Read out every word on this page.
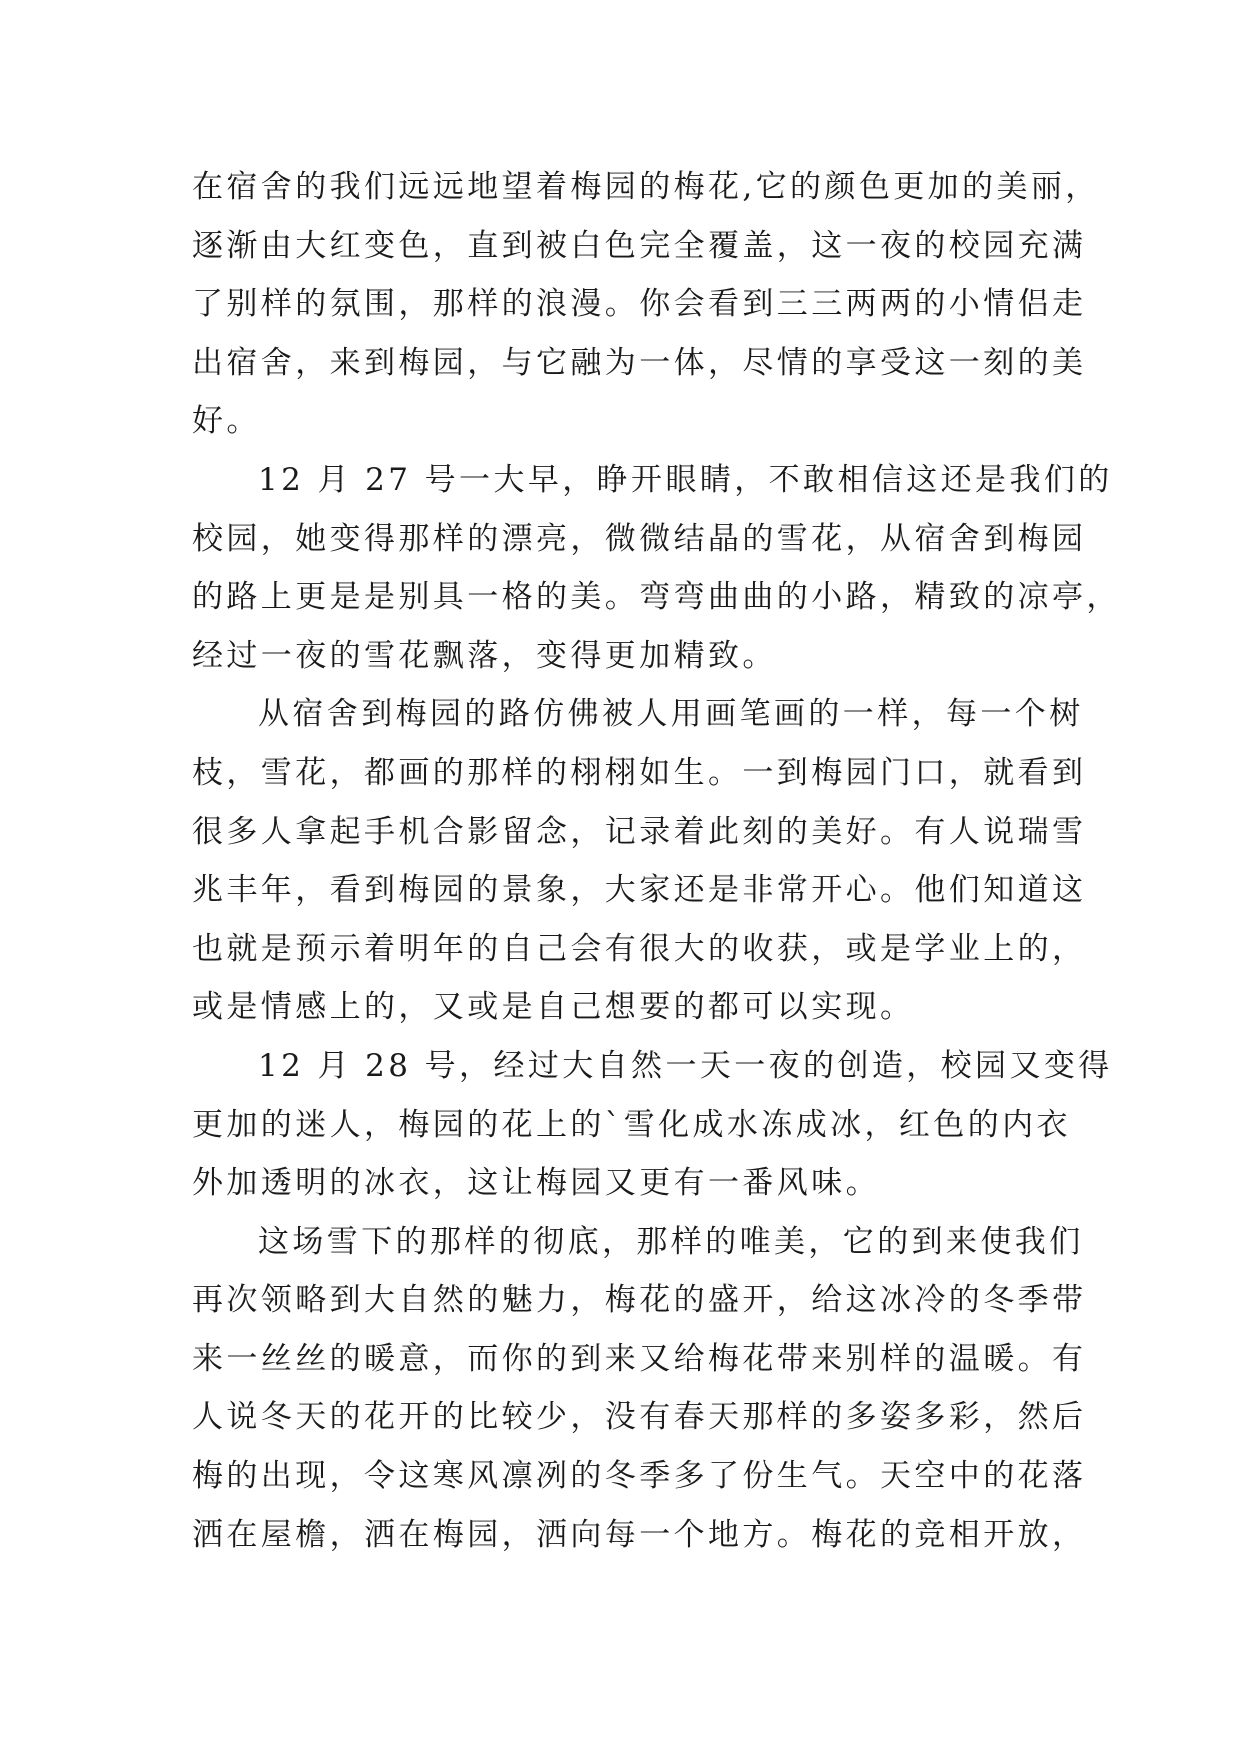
在宿舍的我们远远地望着梅园的梅花,它的颜色更加的美丽，
逐渐由大红变色，直到被白色完全覆盖，这一夜的校园充满
了别样的氛围，那样的浪漫。你会看到三三两两的小情侣走
出宿舍，来到梅园，与它融为一体，尽情的享受这一刻的美
好。
12 月 27 号一大早，睁开眼睛，不敢相信这还是我们的
校园，她变得那样的漂亮，微微结晶的雪花，从宿舍到梅园
的路上更是是别具一格的美。弯弯曲曲的小路，精致的凉亭，
经过一夜的雪花飘落，变得更加精致。
从宿舍到梅园的路仿佛被人用画笔画的一样，每一个树
枝，雪花，都画的那样的栩栩如生。一到梅园门口，就看到
很多人拿起手机合影留念，记录着此刻的美好。有人说瑞雪
兆丰年，看到梅园的景象，大家还是非常开心。他们知道这
也就是预示着明年的自己会有很大的收获，或是学业上的，
或是情感上的，又或是自己想要的都可以实现。
12 月 28 号，经过大自然一天一夜的创造，校园又变得
更加的迷人，梅园的花上的`雪化成水冻成冰，红色的内衣
外加透明的冰衣，这让梅园又更有一番风味。
这场雪下的那样的彻底，那样的唯美，它的到来使我们
再次领略到大自然的魅力，梅花的盛开，给这冰冷的冬季带
来一丝丝的暖意，而你的到来又给梅花带来别样的温暖。有
人说冬天的花开的比较少，没有春天那样的多姿多彩，然后
梅的出现，令这寒风凛冽的冬季多了份生气。天空中的花落
洒在屋檐，洒在梅园，洒向每一个地方。梅花的竞相开放，
